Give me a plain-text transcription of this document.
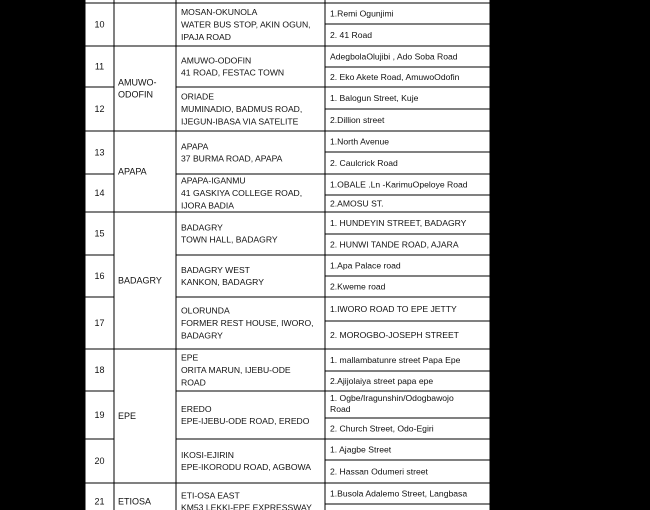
10
MOSAN-OKUNOLA
WATER BUS STOP, AKIN OGUN,
IPAJA ROAD
1.Remi Ogunjimi
2. 41 Road
11
AMUWO-ODOFIN
41 ROAD, FESTAC TOWN
AdegbolaOlujibi , Ado Soba Road
2. Eko Akete Road, AmuwoOdofin
12
ORIADE
MUMINADIO, BADMUS ROAD,
IJEGUN-IBASA VIA SATELITE
1. Balogun Street, Kuje
2.Dillion street
13
APAPA
37 BURMA ROAD, APAPA
1.North Avenue
2. Caulcrick Road
14
APAPA-IGANMU
41 GASKIYA COLLEGE ROAD,
IJORA BADIA
1.OBALE .Ln -KarimuOpeloye Road
2.AMOSU ST.
15
BADAGRY
TOWN HALL, BADAGRY
1. HUNDEYIN STREET, BADAGRY
2. HUNWI TANDE ROAD, AJARA
16
BADAGRY WEST
KANKON, BADAGRY
1.Apa Palace road
2.Kweme road
17
OLORUNDA
FORMER REST HOUSE, IWORO,
BADAGRY
1.IWORO ROAD TO EPE JETTY
2. MOROGBO-JOSEPH STREET
18
EPE
ORITA MARUN, IJEBU-ODE
ROAD
1. mallambatunre street Papa Epe
2.Ajijolaiya street papa epe
19
EREDO
EPE-IJEBU-ODE ROAD, EREDO
1. Ogbe/Iragunshin/Odogbawojo
Road
2. Church Street, Odo-Egiri
20
IKOSI-EJIRIN
EPE-IKORODU ROAD, AGBOWA
1. Ajagbe Street
2. Hassan Odumeri street
21
ETI-OSA EAST
KM53 LEKKI-EPE EXPRESSWAY
1.Busola Adalemo Street, Langbasa
AMUWO-
ODOFIN
APAPA
BADAGRY
EPE
ETIOSA
